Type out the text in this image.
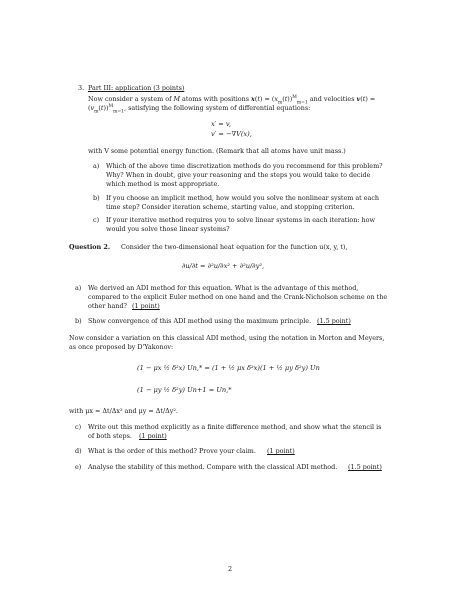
3. Part III: application (3 points)
Now consider a system of M atoms with positions $x(t) = (x_m(t))^M_{m=1}$ and velocities v(t) =
$(v_m(t))^M_{m=1}$, satisfying the following system of differential equations:
x′ = v,
v′ = −∇V(x),
with V some potential energy function. (Remark that all atoms have unit mass.)
a) Which of the above time discretization methods do you recommend for this problem?
Why? When in doubt, give your reasoning and the steps you would take to decide
which method is most appropriate.
b) If you choose an implicit method, how would you solve the nonlinear system at each
time step? Consider iteration scheme, starting value, and stopping criterion.
c) If your iterative method requires you to solve linear systems in each iteration: how
would you solve those linear systems?
Question 2. Consider the two-dimensional heat equation for the function u(x, y, t),
∂u/∂t = ∂²u/∂x² + ∂²u/∂y²,
a) We derived an ADI method for this equation. What is the advantage of this method,
compared to the explicit Euler method on one hand and the Crank-Nicholson scheme on the
other hand? (1 point)
b) Show convergence of this ADI method using the maximum principle. (1.5 point)
Now consider a variation on this classical ADI method, using the notation in Morton and Meyers,
as once proposed by D'Yakonov:
(1 − μx ½ δ²x) Un,* = (1 + ½ μx δ²x)(1 + ½ μy δ²y) Un
(1 − μy ½ δ²y) Un+1 = Un,*
with μx = Δt/Δx² and μy = Δt/Δy².
c) Write out this method explicitly as a finite difference method, and show what the stencil is
of both steps. (1 point)
d) What is the order of this method? Prove your claim. (1 point)
e) Analyse the stability of this method. Compare with the classical ADI method. (1.5 point)
2
